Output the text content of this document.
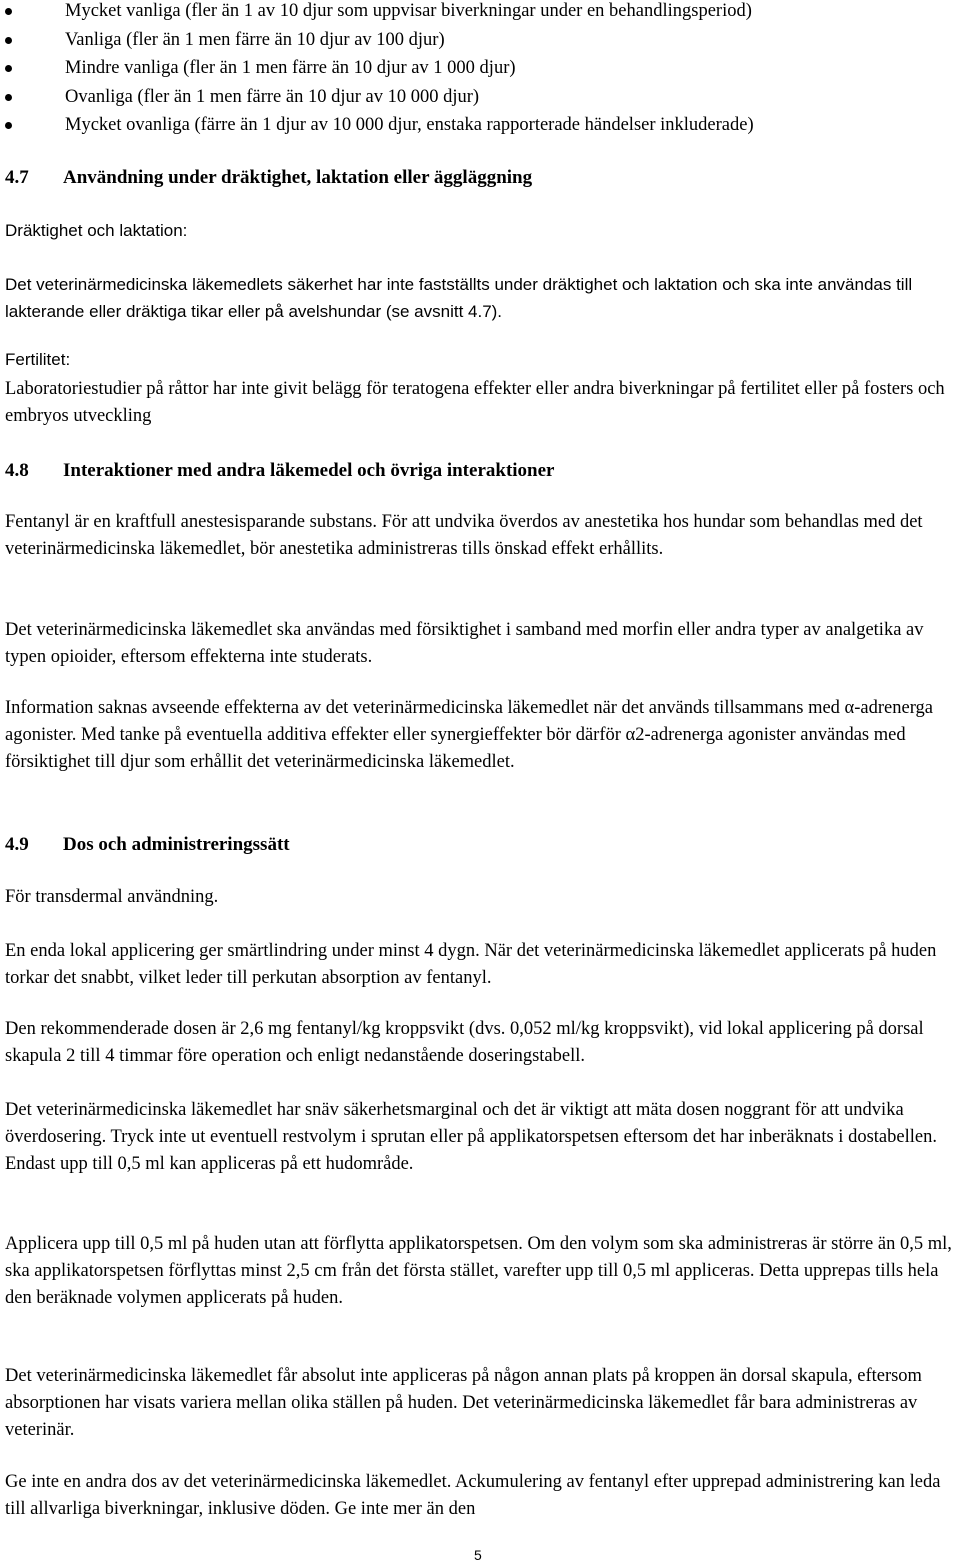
Mycket vanliga (fler än 1 av 10 djur som uppvisar biverkningar under en behandlingsperiod)
Vanliga (fler än 1 men färre än 10 djur av 100 djur)
Mindre vanliga (fler än 1 men färre än 10 djur av 1 000 djur)
Ovanliga (fler än 1 men färre än 10 djur av 10 000 djur)
Mycket ovanliga (färre än 1 djur av 10 000 djur, enstaka rapporterade händelser inkluderade)
4.7 Användning under dräktighet, laktation eller äggläggning
Dräktighet och laktation:
Det veterinärmedicinska läkemedlets säkerhet har inte fastställts under dräktighet och laktation och ska inte användas till lakterande eller dräktiga tikar eller på avelshundar (se avsnitt 4.7).
Fertilitet:
Laboratoriestudier på råttor har inte givit belägg för teratogena effekter eller andra biverkningar på fertilitet eller på fosters och embryos utveckling
4.8 Interaktioner med andra läkemedel och övriga interaktioner
Fentanyl är en kraftfull anestesisparande substans. För att undvika överdos av anestetika hos hundar som behandlas med det veterinärmedicinska läkemedlet, bör anestetika administreras tills önskad effekt erhållits.
Det veterinärmedicinska läkemedlet ska användas med försiktighet i samband med morfin eller andra typer av analgetika av typen opioider, eftersom effekterna inte studerats.
Information saknas avseende effekterna av det veterinärmedicinska läkemedlet när det används tillsammans med α-adrenerga agonister. Med tanke på eventuella additiva effekter eller synergieffekter bör därför α2-adrenerga agonister användas med försiktighet till djur som erhållit det veterinärmedicinska läkemedlet.
4.9 Dos och administreringssätt
För transdermal användning.
En enda lokal applicering ger smärtlindring under minst 4 dygn. När det veterinärmedicinska läkemedlet applicerats på huden torkar det snabbt, vilket leder till perkutan absorption av fentanyl.
Den rekommenderade dosen är 2,6 mg fentanyl/kg kroppsvikt (dvs. 0,052 ml/kg kroppsvikt), vid lokal applicering på dorsal skapula 2 till 4 timmar före operation och enligt nedanstående doseringstabell.
Det veterinärmedicinska läkemedlet har snäv säkerhetsmarginal och det är viktigt att mäta dosen noggrant för att undvika överdosering. Tryck inte ut eventuell restvolym i sprutan eller på applikatorspetsen eftersom det har inberäknats i dostabellen. Endast upp till 0,5 ml kan appliceras på ett hudområde.
Applicera upp till 0,5 ml på huden utan att förflytta applikatorspetsen. Om den volym som ska administreras är större än 0,5 ml, ska applikatorspetsen förflyttas minst 2,5 cm från det första stället, varefter upp till 0,5 ml appliceras. Detta upprepas tills hela den beräknade volymen applicerats på huden.
Det veterinärmedicinska läkemedlet får absolut inte appliceras på någon annan plats på kroppen än dorsal skapula, eftersom absorptionen har visats variera mellan olika ställen på huden. Det veterinärmedicinska läkemedlet får bara administreras av veterinär.
Ge inte en andra dos av det veterinärmedicinska läkemedlet. Ackumulering av fentanyl efter upprepad administrering kan leda till allvarliga biverkningar, inklusive döden. Ge inte mer än den
5
